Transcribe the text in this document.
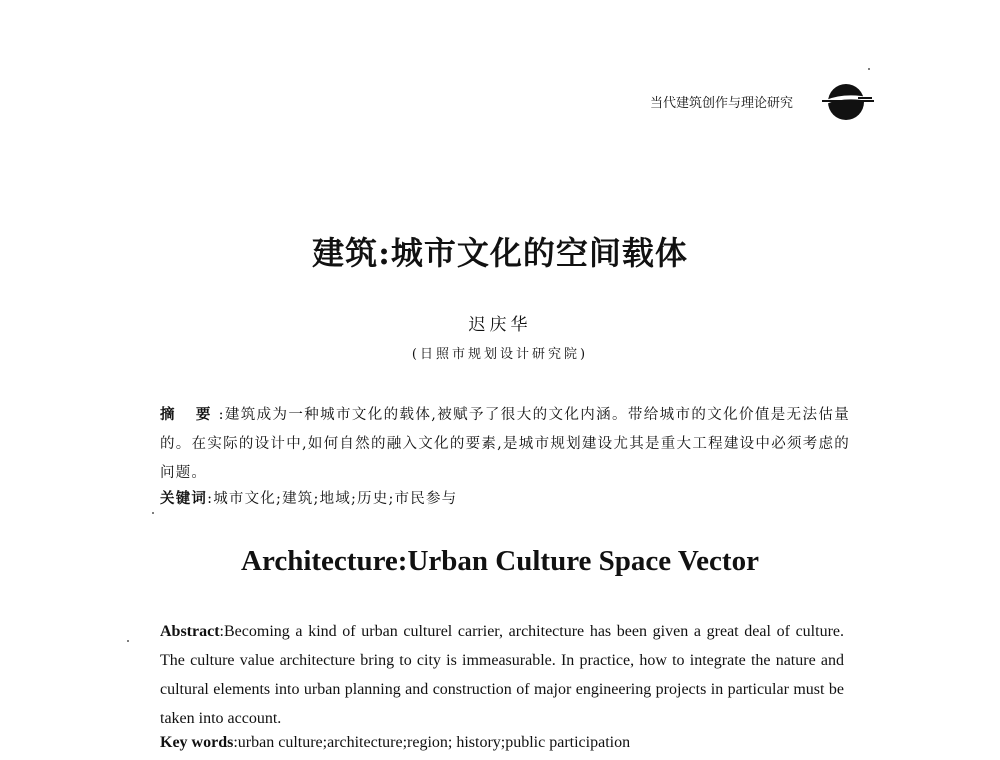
当代建筑创作与理论研究
建筑:城市文化的空间载体
迟庆华
(日照市规划设计研究院)
摘 要:建筑成为一种城市文化的载体,被赋予了很大的文化内涵。带给城市的文化价值是无法估量的。在实际的设计中,如何自然的融入文化的要素,是城市规划建设尤其是重大工程建设中必须考虑的问题。
关键词:城市文化;建筑;地域;历史;市民参与
Architecture:Urban Culture Space Vector
Abstract:Becoming a kind of urban culturel carrier, architecture has been given a great deal of culture. The culture value architecture bring to city is immeasurable. In practice, how to integrate the nature and cultural elements into urban planning and construction of major engineering projects in particular must be taken into account.
Key words:urban culture;architecture;region; history;public participation
